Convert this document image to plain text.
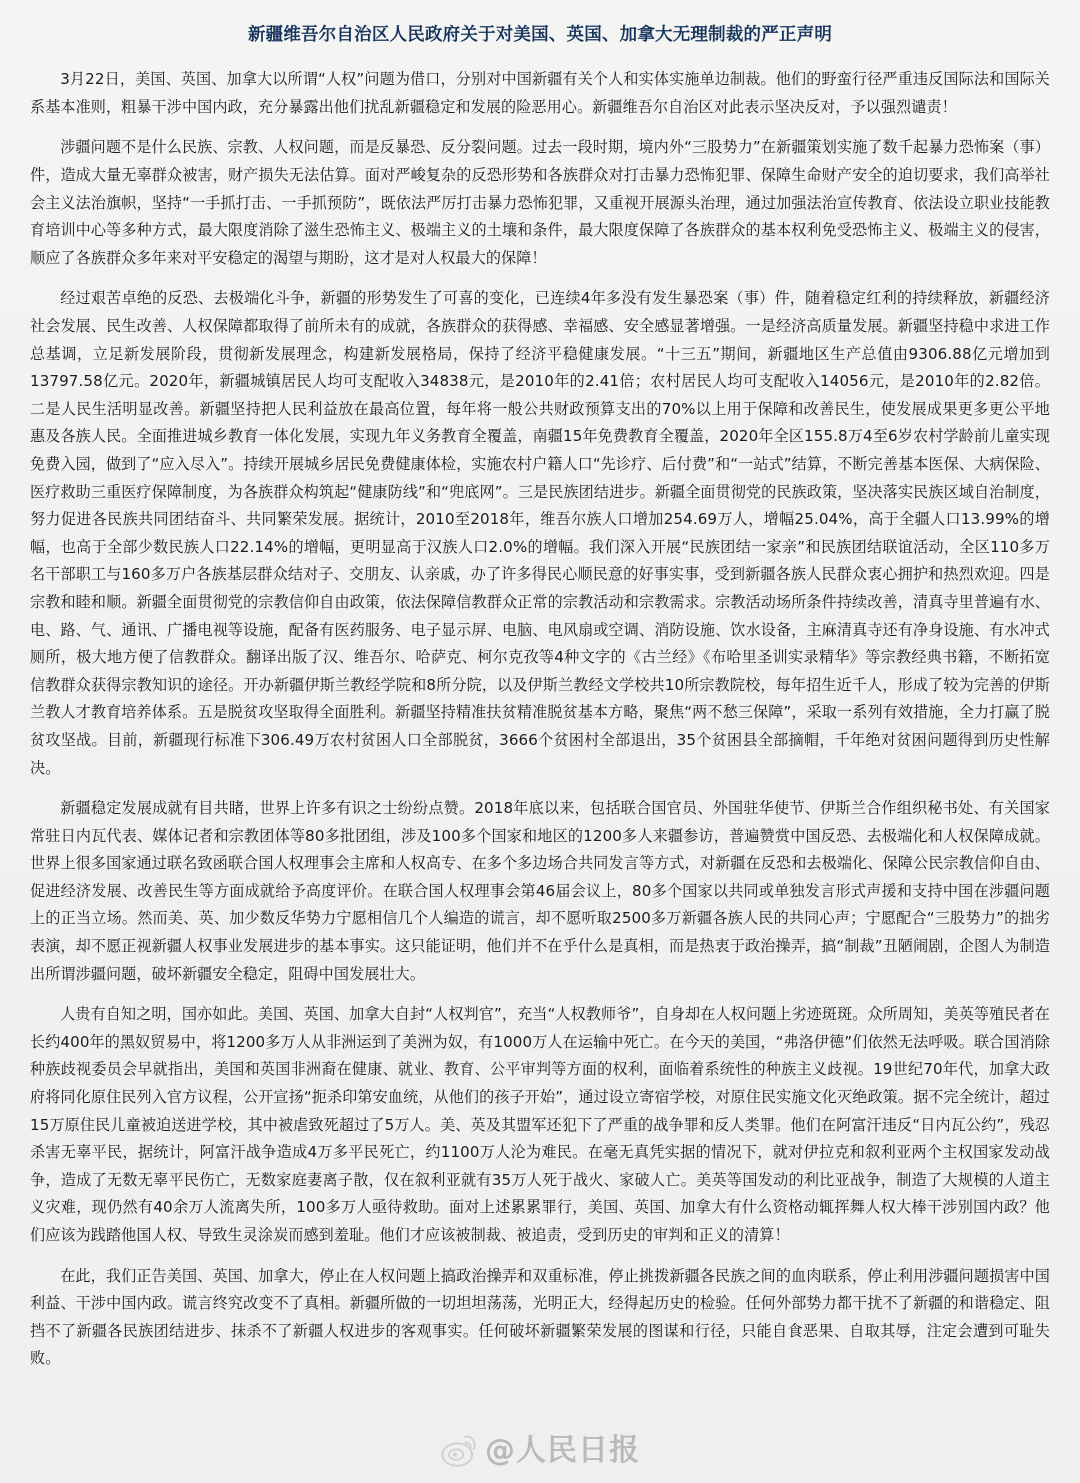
新疆维吾尔自治区人民政府关于对美国、英国、加拿大无理制裁的严正声明

3月22日，美国、英国、加拿大以所谓“人权”问题为借口，分别对中国新疆有关个人和实体实施单边制裁。他们的野蛮行径严重违反国际法和国际关系基本准则，粗暴干涉中国内政，充分暴露出他们扰乱新疆稳定和发展的险恶用心。新疆维吾尔自治区对此表示坚决反对，予以强烈谴责！

涉疆问题不是什么民族、宗教、人权问题，而是反暴恐、反分裂问题。过去一段时期，境内外“三股势力”在新疆策划实施了数千起暴力恐怖案（事）件，造成大量无辜群众被害，财产损失无法估算。面对严峻复杂的反恐形势和各族群众对打击暴力恐怖犯罪、保障生命财产安全的迫切要求，我们高举社会主义法治旗帜，坚持“一手抓打击、一手抓预防”，既依法严厉打击暴力恐怖犯罪，又重视开展源头治理，通过加强法治宣传教育、依法设立职业技能教育培训中心等多种方式，最大限度消除了滋生恐怖主义、极端主义的土壤和条件，最大限度保障了各族群众的基本权利免受恐怖主义、极端主义的侵害，顺应了各族群众多年来对平安稳定的渴望与期盼，这才是对人权最大的保障！

经过艰苦卓绝的反恐、去极端化斗争，新疆的形势发生了可喜的变化，已连续4年多没有发生暴恐案（事）件，随着稳定红利的持续释放，新疆经济社会发展、民生改善、人权保障都取得了前所未有的成就，各族群众的获得感、幸福感、安全感显著增强。一是经济高质量发展。新疆坚持稳中求进工作总基调，立足新发展阶段，贯彻新发展理念，构建新发展格局，保持了经济平稳健康发展。“十三五”期间，新疆地区生产总值由9306.88亿元增加到13797.58亿元。2020年，新疆城镇居民人均可支配收入34838元，是2010年的2.41倍；农村居民人均可支配收入14056元，是2010年的2.82倍。二是人民生活明显改善。新疆坚持把人民利益放在最高位置，每年将一般公共财政预算支出的70%以上用于保障和改善民生，使发展成果更多更公平地惠及各族人民。全面推进城乡教育一体化发展，实现九年义务教育全覆盖，南疆15年免费教育全覆盖，2020年全区155.8万4至6岁农村学龄前儿童实现免费入园，做到了“应入尽入”。持续开展城乡居民免费健康体检，实施农村户籍人口“先诊疗、后付费”和“一站式”结算，不断完善基本医保、大病保险、医疗救助三重医疗保障制度，为各族群众构筑起“健康防线”和“兜底网”。三是民族团结进步。新疆全面贯彻党的民族政策，坚决落实民族区域自治制度，努力促进各民族共同团结奋斗、共同繁荣发展。据统计，2010至2018年，维吾尔族人口增加254.69万人，增幅25.04%，高于全疆人口13.99%的增幅，也高于全部少数民族人口22.14%的增幅，更明显高于汉族人口2.0%的增幅。我们深入开展“民族团结一家亲”和民族团结联谊活动，全区110多万名干部职工与160多万户各族基层群众结对子、交朋友、认亲戚，办了许多得民心顺民意的好事实事，受到新疆各族人民群众衷心拥护和热烈欢迎。四是宗教和睦和顺。新疆全面贯彻党的宗教信仰自由政策，依法保障信教群众正常的宗教活动和宗教需求。宗教活动场所条件持续改善，清真寺里普遍有水、电、路、气、通讯、广播电视等设施，配备有医药服务、电子显示屏、电脑、电风扇或空调、消防设施、饮水设备，主麻清真寺还有净身设施、有水冲式厕所，极大地方便了信教群众。翻译出版了汉、维吾尔、哈萨克、柯尔克孜等4种文字的《古兰经》《布哈里圣训实录精华》等宗教经典书籍，不断拓宽信教群众获得宗教知识的途径。开办新疆伊斯兰教经学院和8所分院，以及伊斯兰教经文学校共10所宗教院校，每年招生近千人，形成了较为完善的伊斯兰教人才教育培养体系。五是脱贫攻坚取得全面胜利。新疆坚持精准扶贫精准脱贫基本方略，聚焦“两不愁三保障”，采取一系列有效措施，全力打赢了脱贫攻坚战。目前，新疆现行标准下306.49万农村贫困人口全部脱贫，3666个贫困村全部退出，35个贫困县全部摘帽，千年绝对贫困问题得到历史性解决。

新疆稳定发展成就有目共睹，世界上许多有识之士纷纷点赞。2018年底以来，包括联合国官员、外国驻华使节、伊斯兰合作组织秘书处、有关国家常驻日内瓦代表、媒体记者和宗教团体等80多批团组，涉及100多个国家和地区的1200多人来疆参访，普遍赞赏中国反恐、去极端化和人权保障成就。世界上很多国家通过联名致函联合国人权理事会主席和人权高专、在多个多边场合共同发言等方式，对新疆在反恐和去极端化、保障公民宗教信仰自由、促进经济发展、改善民生等方面成就给予高度评价。在联合国人权理事会第46届会议上，80多个国家以共同或单独发言形式声援和支持中国在涉疆问题上的正当立场。然而美、英、加少数反华势力宁愿相信几个人编造的谎言，却不愿听取2500多万新疆各族人民的共同心声；宁愿配合“三股势力”的拙劣表演，却不愿正视新疆人权事业发展进步的基本事实。这只能证明，他们并不在乎什么是真相，而是热衷于政治操弄，搞“制裁”丑陋闹剧，企图人为制造出所谓涉疆问题，破坏新疆安全稳定，阻碍中国发展壮大。

人贵有自知之明，国亦如此。美国、英国、加拿大自封“人权判官”，充当“人权教师爷”，自身却在人权问题上劣迹斑斑。众所周知，美英等殖民者在长约400年的黑奴贸易中，将1200多万人从非洲运到了美洲为奴，有1000万人在运输中死亡。在今天的美国，“弗洛伊德”们依然无法呼吸。联合国消除种族歧视委员会早就指出，美国和英国非洲裔在健康、就业、教育、公平审判等方面的权利，面临着系统性的种族主义歧视。19世纪70年代，加拿大政府将同化原住民列入官方议程，公开宣扬“扼杀印第安血统，从他们的孩子开始”，通过设立寄宿学校，对原住民实施文化灭绝政策。据不完全统计，超过15万原住民儿童被迫送进学校，其中被虐致死超过了5万人。美、英及其盟军还犯下了严重的战争罪和反人类罪。他们在阿富汗违反“日内瓦公约”，残忍杀害无辜平民，据统计，阿富汗战争造成4万多平民死亡，约1100万人沦为难民。在毫无真凭实据的情况下，就对伊拉克和叙利亚两个主权国家发动战争，造成了无数无辜平民伤亡，无数家庭妻离子散，仅在叙利亚就有35万人死于战火、家破人亡。美英等国发动的利比亚战争，制造了大规模的人道主义灾难，现仍然有40余万人流离失所，100多万人亟待救助。面对上述累累罪行，美国、英国、加拿大有什么资格动辄挥舞人权大棒干涉别国内政？他们应该为践踏他国人权、导致生灵涂炭而感到羞耻。他们才应该被制裁、被追责，受到历史的审判和正义的清算！

在此，我们正告美国、英国、加拿大，停止在人权问题上搞政治操弄和双重标准，停止挑拨新疆各民族之间的血肉联系，停止利用涉疆问题损害中国利益、干涉中国内政。谎言终究改变不了真相。新疆所做的一切坦坦荡荡，光明正大，经得起历史的检验。任何外部势力都干扰不了新疆的和谐稳定、阻挡不了新疆各民族团结进步、抹杀不了新疆人权进步的客观事实。任何破坏新疆繁荣发展的图谋和行径，只能自食恶果、自取其辱，注定会遭到可耻失败。

@人民日报
